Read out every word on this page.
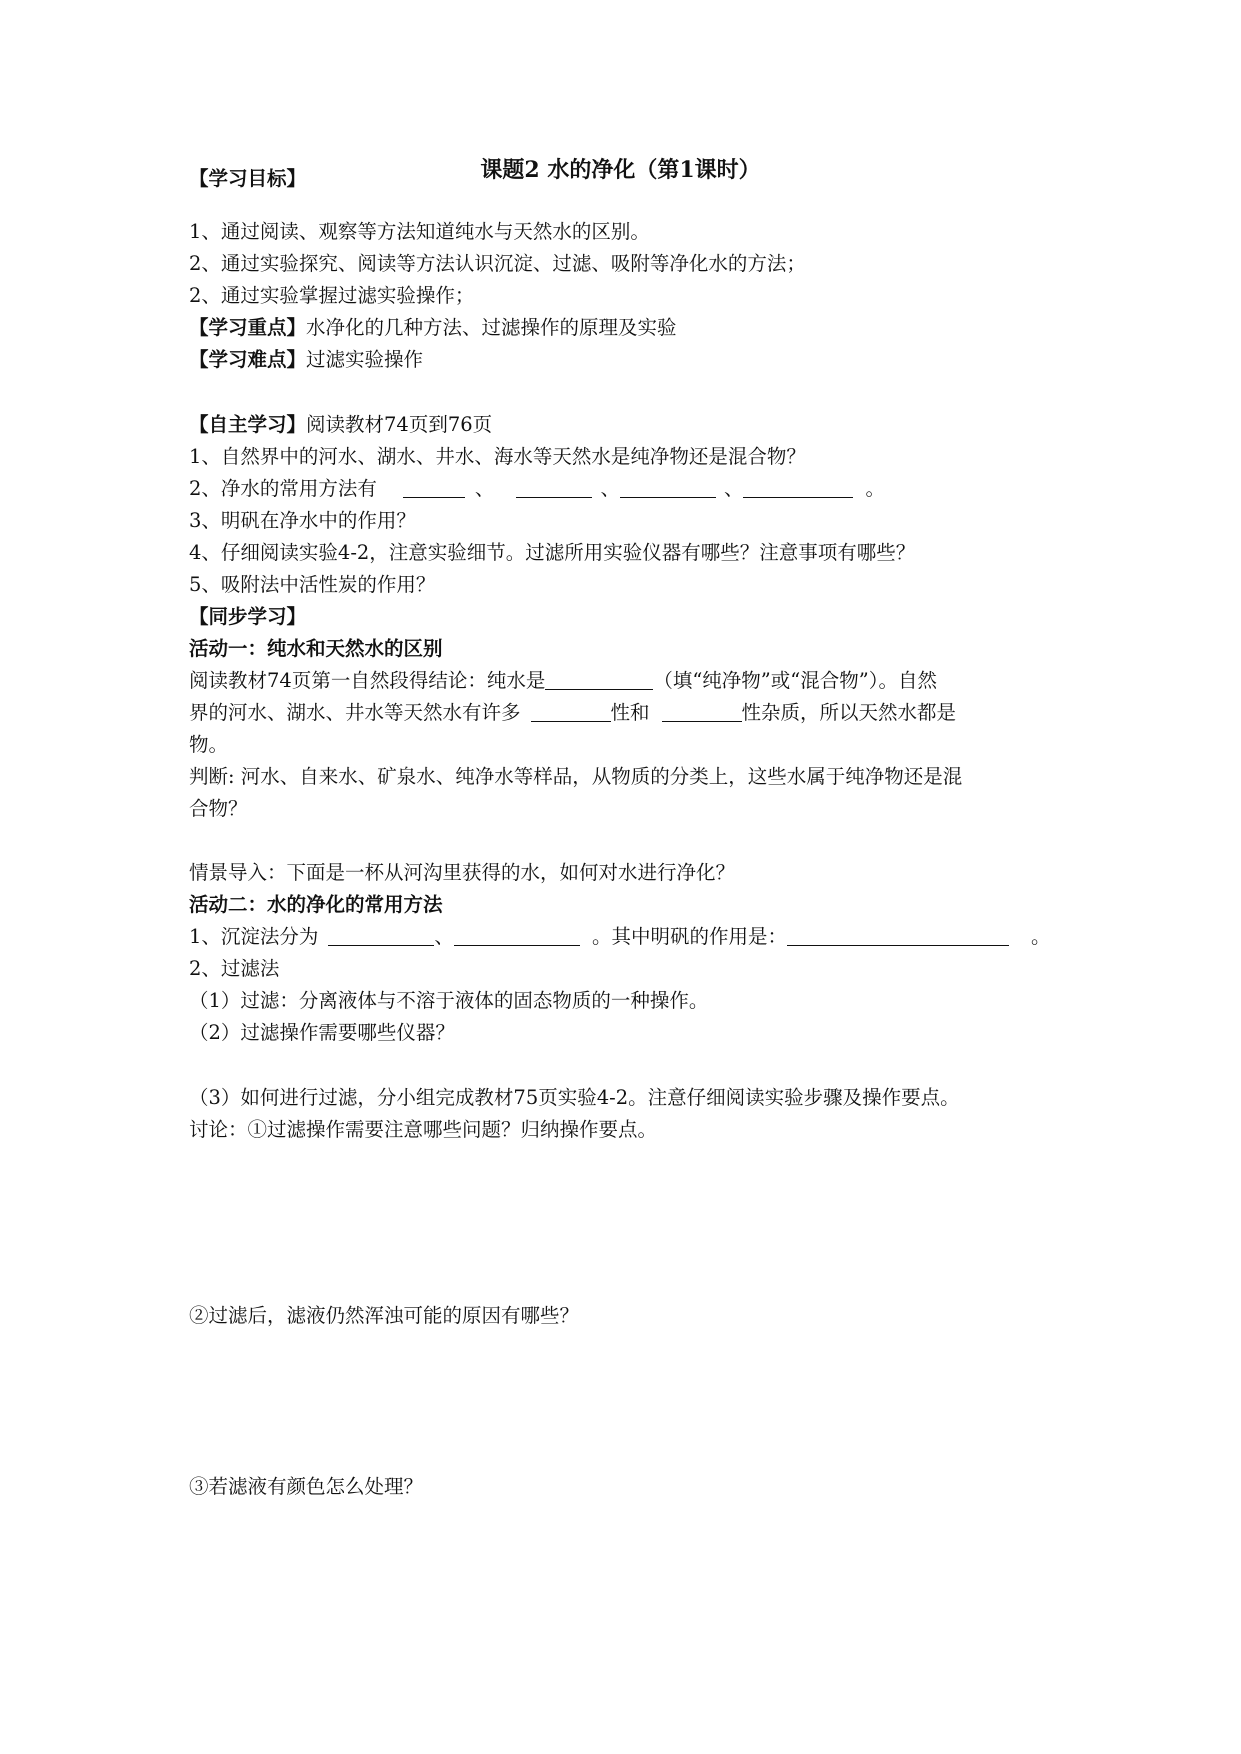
课题2 水的净化（第1课时）
【学习目标】
1、通过阅读、观察等方法知道纯水与天然水的区别。
2、通过实验探究、阅读等方法认识沉淀、过滤、吸附等净化水的方法；
2、通过实验掌握过滤实验操作；
【学习重点】水净化的几种方法、过滤操作的原理及实验
【学习难点】过滤实验操作
【自主学习】阅读教材74页到76页
1、自然界中的河水、湖水、井水、海水等天然水是纯净物还是混合物？
2、净水的常用方法有	、	、	、	。
3、明矾在净水中的作用？
4、仔细阅读实验4-2，注意实验细节。过滤所用实验仪器有哪些？注意事项有哪些？
5、吸附法中活性炭的作用？
【同步学习】
活动一：纯水和天然水的区别
阅读教材74页第一自然段得结论：纯水是	（填“纯净物”或“混合物”）。自然
界的河水、湖水、井水等天然水有许多	性和	性杂质，所以天然水都是
物。
判断: 河水、自来水、矿泉水、纯净水等样品，从物质的分类上，这些水属于纯净物还是混
合物？
情景导入：下面是一杯从河沟里获得的水，如何对水进行净化？
活动二：水的净化的常用方法
1、沉淀法分为	、	。其中明矾的作用是：	。
2、过滤法
（1）过滤：分离液体与不溶于液体的固态物质的一种操作。
（2）过滤操作需要哪些仪器？
（3）如何进行过滤，分小组完成教材75页实验4-2。注意仔细阅读实验步骤及操作要点。
讨论：①过滤操作需要注意哪些问题？归纳操作要点。
②过滤后，滤液仍然浑浊可能的原因有哪些？
③若滤液有颜色怎么处理？
